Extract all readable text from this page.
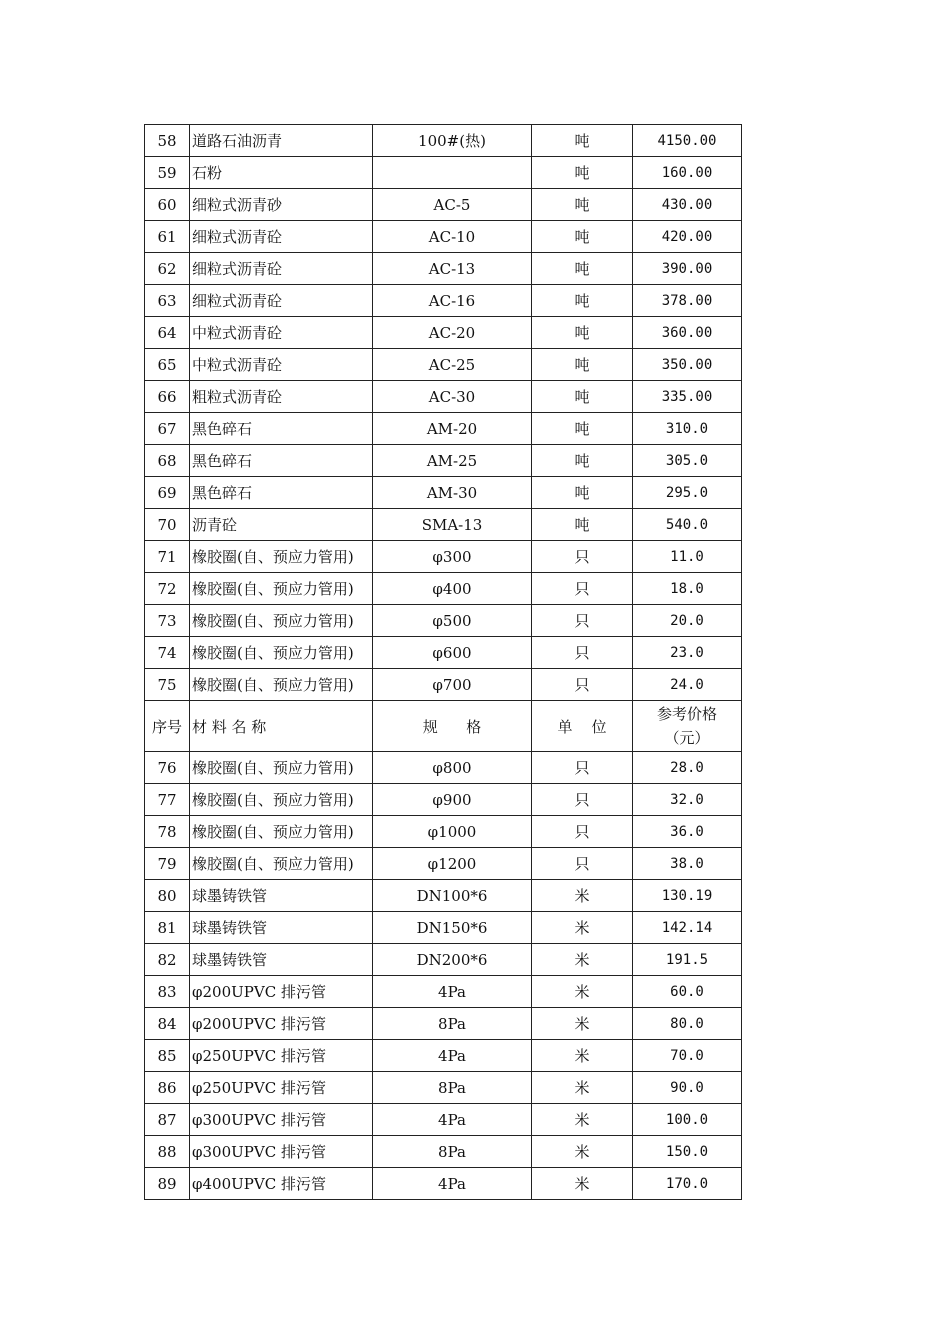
58	道路石油沥青	100#(热)	吨	4150.00
59	石粉		吨	160.00
60	细粒式沥青砂	AC-5	吨	430.00
61	细粒式沥青砼	AC-10	吨	420.00
62	细粒式沥青砼	AC-13	吨	390.00
63	细粒式沥青砼	AC-16	吨	378.00
64	中粒式沥青砼	AC-20	吨	360.00
65	中粒式沥青砼	AC-25	吨	350.00
66	粗粒式沥青砼	AC-30	吨	335.00
67	黑色碎石	AM-20	吨	310.0
68	黑色碎石	AM-25	吨	305.0
69	黑色碎石	AM-30	吨	295.0
70	沥青砼	SMA-13	吨	540.0
71	橡胶圈(自、预应力管用)	φ300	只	11.0
72	橡胶圈(自、预应力管用)	φ400	只	18.0
73	橡胶圈(自、预应力管用)	φ500	只	20.0
74	橡胶圈(自、预应力管用)	φ600	只	23.0
75	橡胶圈(自、预应力管用)	φ700	只	24.0
序号	材 料 名 称	规      格	单    位	参考价格
（元）

76	橡胶圈(自、预应力管用)	φ800	只	28.0
77	橡胶圈(自、预应力管用)	φ900	只	32.0
78	橡胶圈(自、预应力管用)	φ1000	只	36.0
79	橡胶圈(自、预应力管用)	φ1200	只	38.0
80	球墨铸铁管	DN100*6	米	130.19
81	球墨铸铁管	DN150*6	米	142.14
82	球墨铸铁管	DN200*6	米	191.5
83	φ200UPVC 排污管	4Pa	米	60.0
84	φ200UPVC 排污管	8Pa	米	80.0
85	φ250UPVC 排污管	4Pa	米	70.0
86	φ250UPVC 排污管	8Pa	米	90.0
87	φ300UPVC 排污管	4Pa	米	100.0
88	φ300UPVC 排污管	8Pa	米	150.0
89	φ400UPVC 排污管	4Pa	米	170.0
